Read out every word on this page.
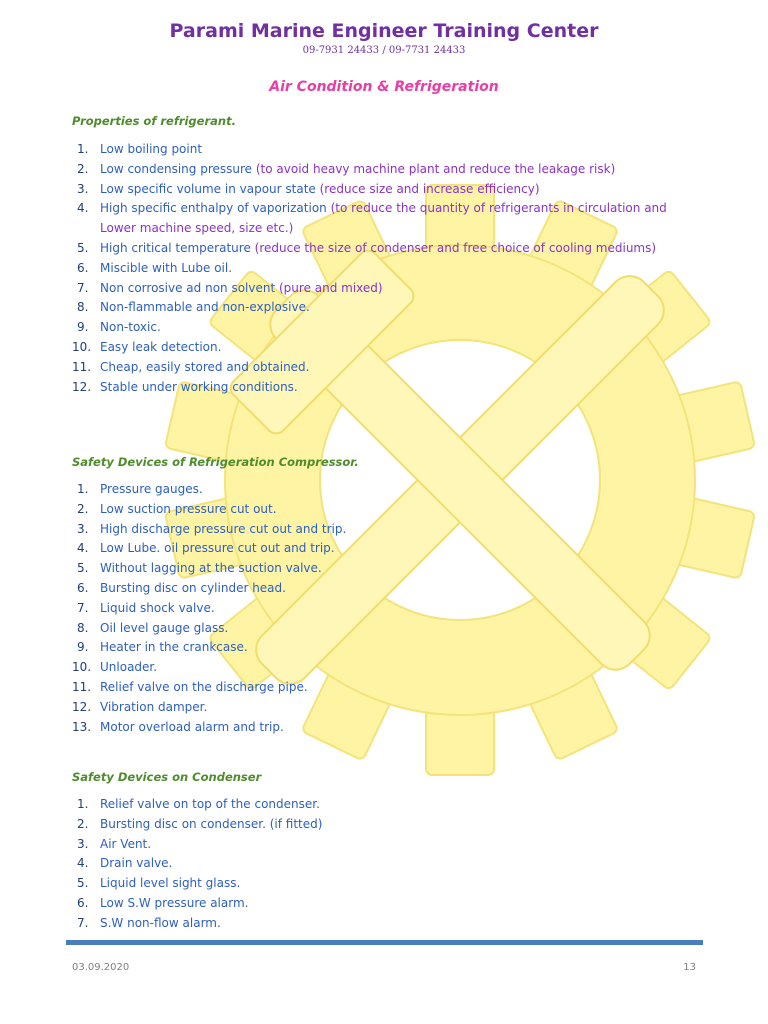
Parami Marine Engineer Training Center
09-7931 24433 / 09-7731 24433
Air Condition & Refrigeration
Properties of refrigerant.
1. Low boiling point
2. Low condensing pressure (to avoid heavy machine plant and reduce the leakage risk)
3. Low specific volume in vapour state (reduce size and increase efficiency)
4. High specific enthalpy of vaporization (to reduce the quantity of refrigerants in circulation and Lower machine speed, size etc.)
5. High critical temperature (reduce the size of condenser and free choice of cooling mediums)
6. Miscible with Lube oil.
7. Non corrosive ad non solvent (pure and mixed)
8. Non-flammable and non-explosive.
9. Non-toxic.
10. Easy leak detection.
11. Cheap, easily stored and obtained.
12. Stable under working conditions.
Safety Devices of Refrigeration Compressor.
1. Pressure gauges.
2. Low suction pressure cut out.
3. High discharge pressure cut out and trip.
4. Low Lube. oil pressure cut out and trip.
5. Without lagging at the suction valve.
6. Bursting disc on cylinder head.
7. Liquid shock valve.
8. Oil level gauge glass.
9. Heater in the crankcase.
10. Unloader.
11. Relief valve on the discharge pipe.
12. Vibration damper.
13. Motor overload alarm and trip.
Safety Devices on Condenser
1. Relief valve on top of the condenser.
2. Bursting disc on condenser. (if fitted)
3. Air Vent.
4. Drain valve.
5. Liquid level sight glass.
6. Low S.W pressure alarm.
7. S.W non-flow alarm.
03.09.2020	13
